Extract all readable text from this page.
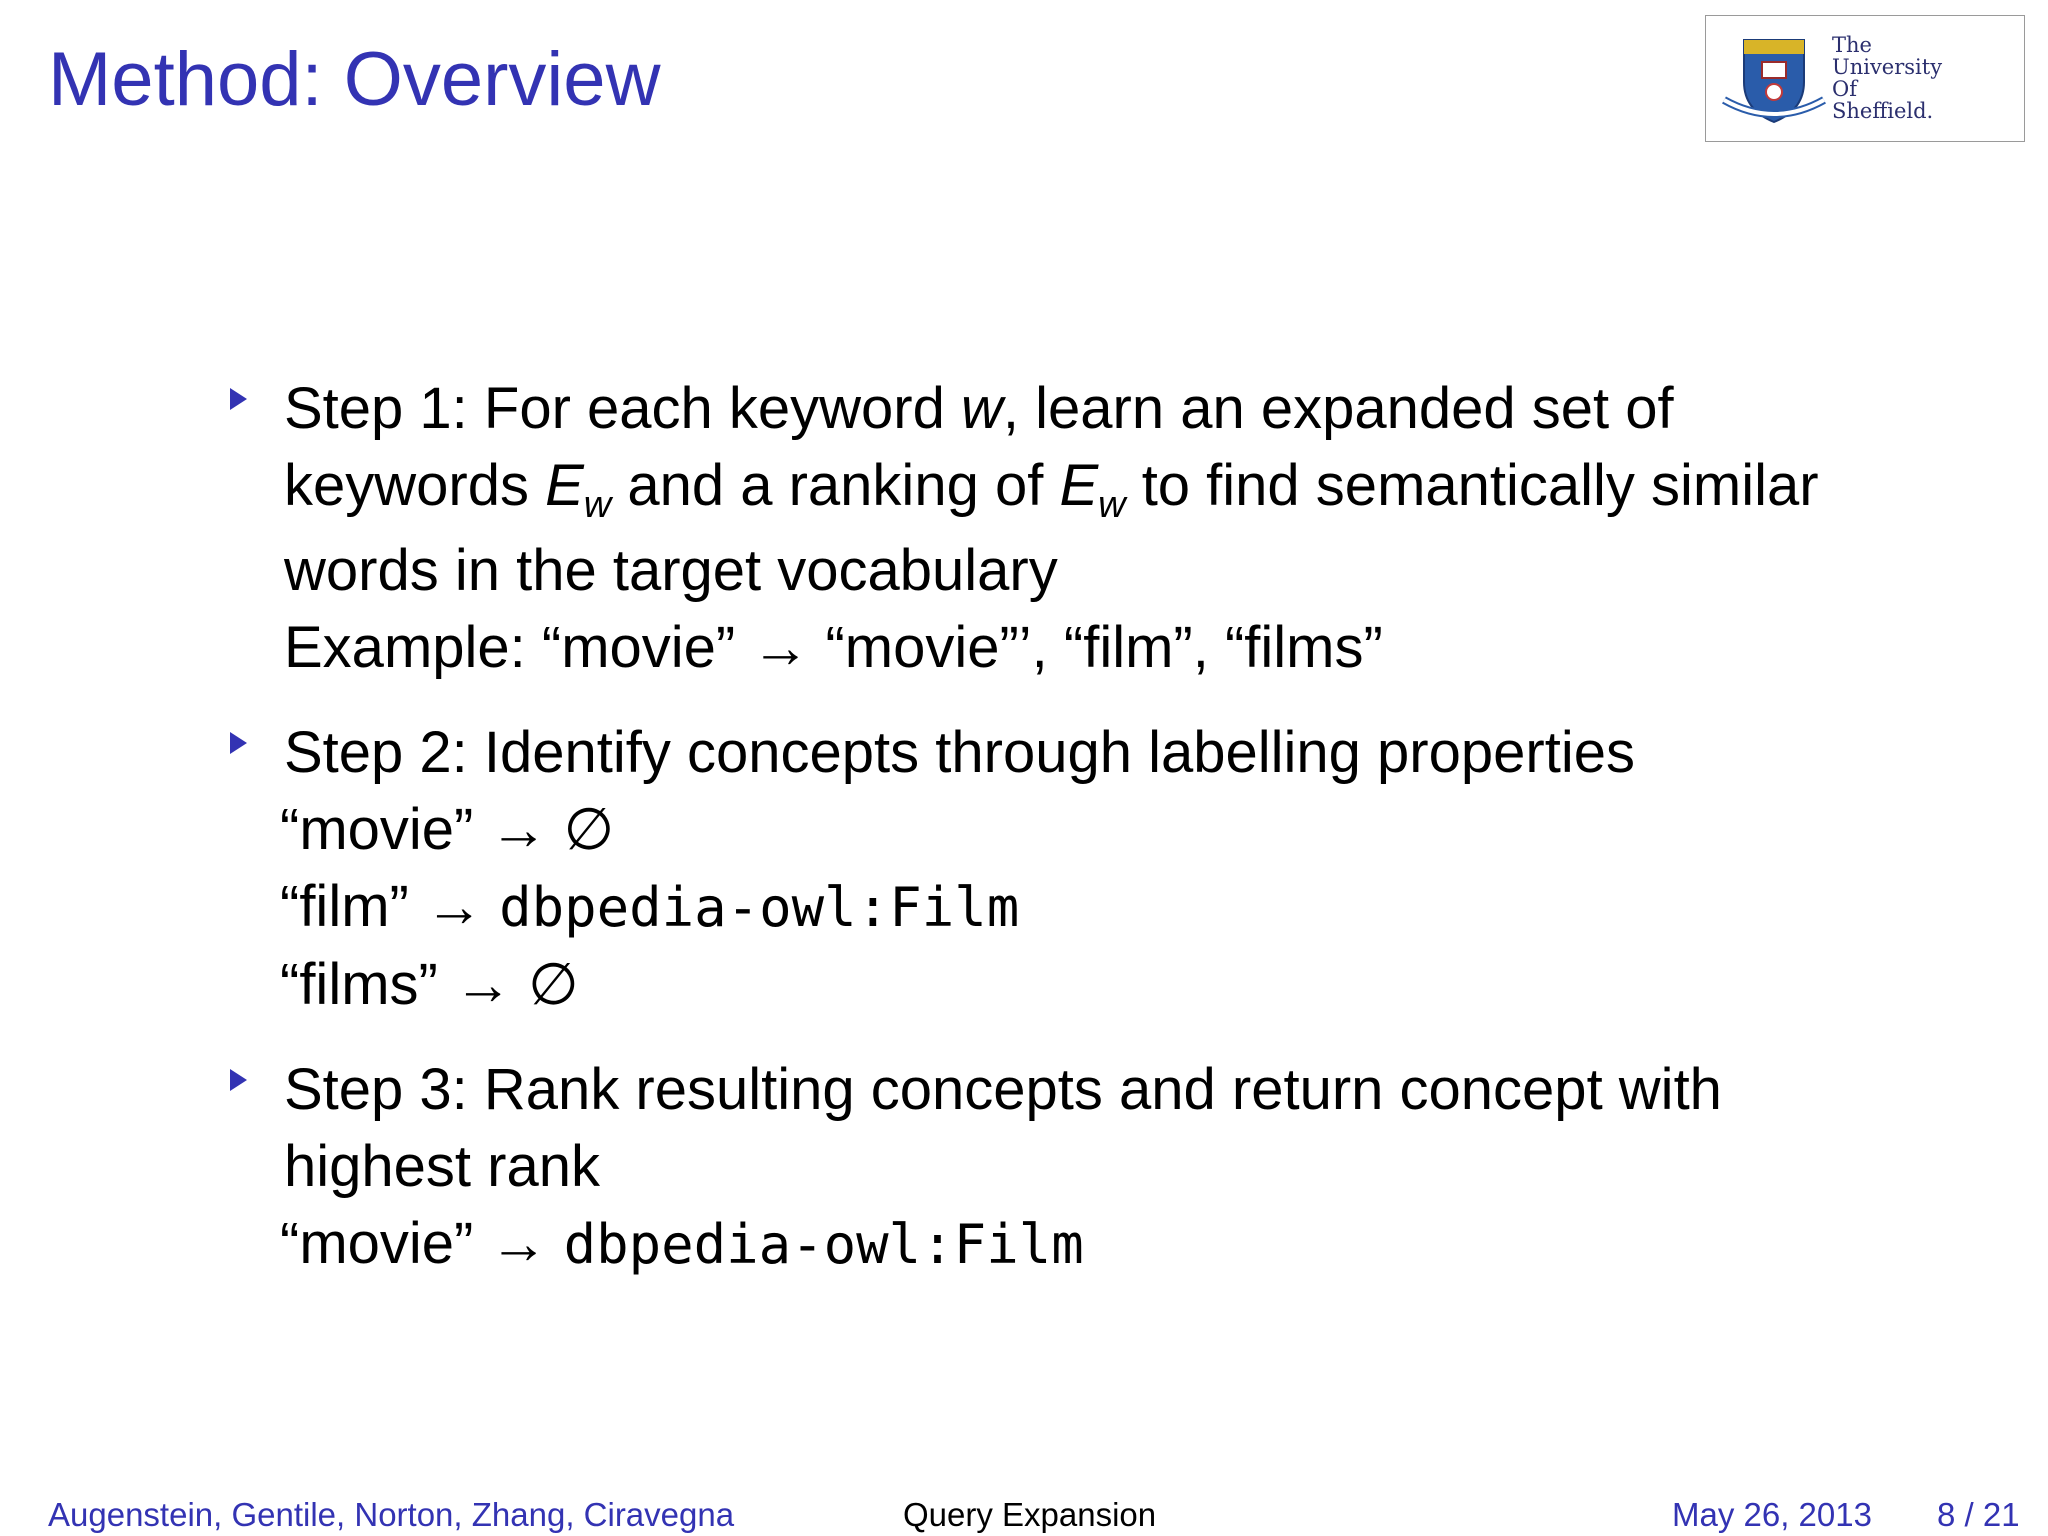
Method: Overview	The
University
Of
Sheffield.
Step 1: For each keyword w, learn an expanded set of
keywords $E_w$ and a ranking of $E_w$ to find semantically similar
words in the target vocabulary
Example: “movie” → “movie”’, “film”, “films”
Step 2: Identify concepts through labelling properties
“movie” → ∅
“film” → dbpedia-owl:Film
“films” → ∅
Step 3: Rank resulting concepts and return concept with
highest rank
“movie” → dbpedia-owl:Film
Augenstein, Gentile, Norton, Zhang, Ciravegna	Query Expansion	May 26, 2013 8 / 21
